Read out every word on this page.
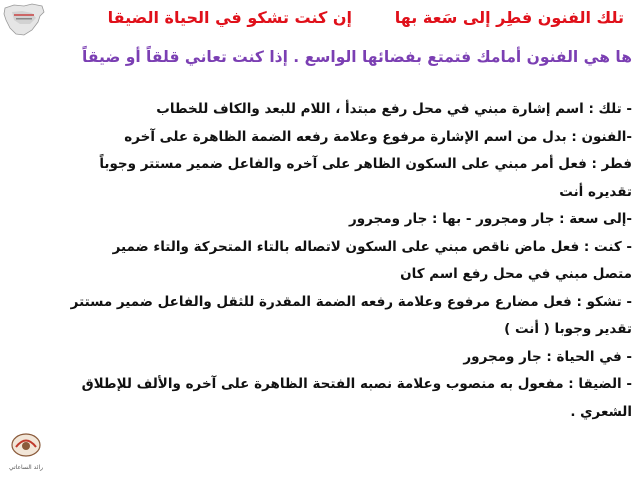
تلك الفنون فطِر إلى سَعة بها
إن كنت تشكو في الحياة الضيقا
ها هي الفنون أمامك فتمتع بفضائها الواسع . إذا كنت تعاني قلقاً أو ضيقاً
- تلك : اسم إشارة مبني في محل رفع مبتدأ ، اللام للبعد والكاف للخطاب
-الفنون : بدل من اسم الإشارة مرفوع وعلامة رفعه الضمة الظاهرة على آخره
فطر : فعل أمر مبني على السكون الظاهر على آخره والفاعل ضمير مستتر وجوباً
تقديره أنت
-إلى سعة : جار ومجرور - بها : جار ومجرور
- كنت : فعل ماض ناقص مبني على السكون لاتصاله بالتاء المتحركة والتاء ضمير
متصل مبني في محل رفع اسم كان
- تشكو : فعل مضارع مرفوع وعلامة رفعه الضمة المقدرة للثقل والفاعل ضمير مستتر
تقدير وجوبا ( أنت )
- في الحياة : جار ومجرور
- الضيقا : مفعول به منصوب وعلامة نصبه الفتحة الظاهرة على آخره والألف للإطلاق
الشعري .
رائد الساعاتي
